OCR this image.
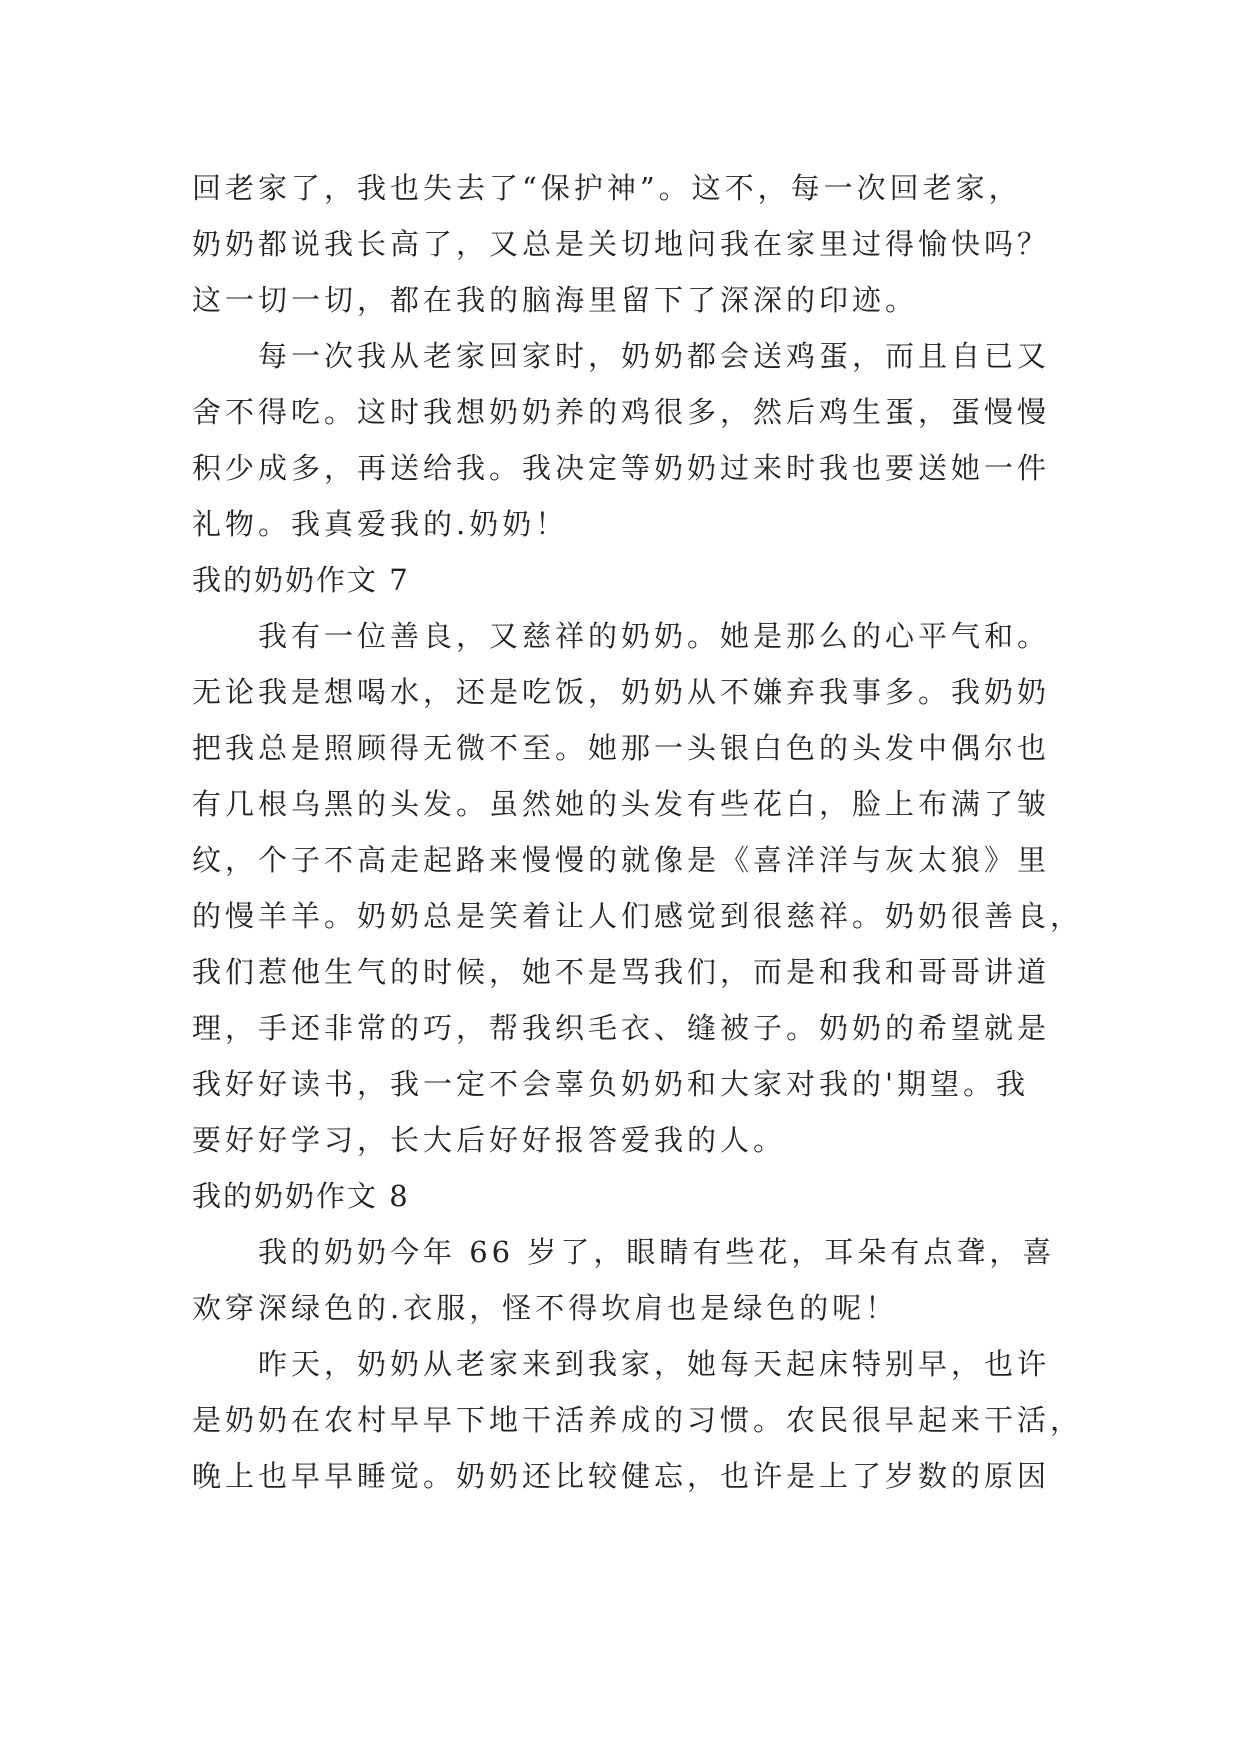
回老家了，我也失去了“保护神”。这不，每一次回老家，
奶奶都说我长高了，又总是关切地问我在家里过得愉快吗？
这一切一切，都在我的脑海里留下了深深的印迹。
　　每一次我从老家回家时，奶奶都会送鸡蛋，而且自已又
舍不得吃。这时我想奶奶养的鸡很多，然后鸡生蛋，蛋慢慢
积少成多，再送给我。我决定等奶奶过来时我也要送她一件
礼物。我真爱我的.奶奶！
我的奶奶作文 7
　　我有一位善良，又慈祥的奶奶。她是那么的心平气和。
无论我是想喝水，还是吃饭，奶奶从不嫌弃我事多。我奶奶
把我总是照顾得无微不至。她那一头银白色的头发中偶尔也
有几根乌黑的头发。虽然她的头发有些花白，脸上布满了皱
纹，个子不高走起路来慢慢的就像是《喜洋洋与灰太狼》里
的慢羊羊。奶奶总是笑着让人们感觉到很慈祥。奶奶很善良，
我们惹他生气的时候，她不是骂我们，而是和我和哥哥讲道
理，手还非常的巧，帮我织毛衣、缝被子。奶奶的希望就是
我好好读书，我一定不会辜负奶奶和大家对我的'期望。我
要好好学习，长大后好好报答爱我的人。
我的奶奶作文 8
　　我的奶奶今年 66 岁了，眼睛有些花，耳朵有点聋，喜
欢穿深绿色的.衣服，怪不得坎肩也是绿色的呢！
　　昨天，奶奶从老家来到我家，她每天起床特别早，也许
是奶奶在农村早早下地干活养成的习惯。农民很早起来干活，
晚上也早早睡觉。奶奶还比较健忘，也许是上了岁数的原因
